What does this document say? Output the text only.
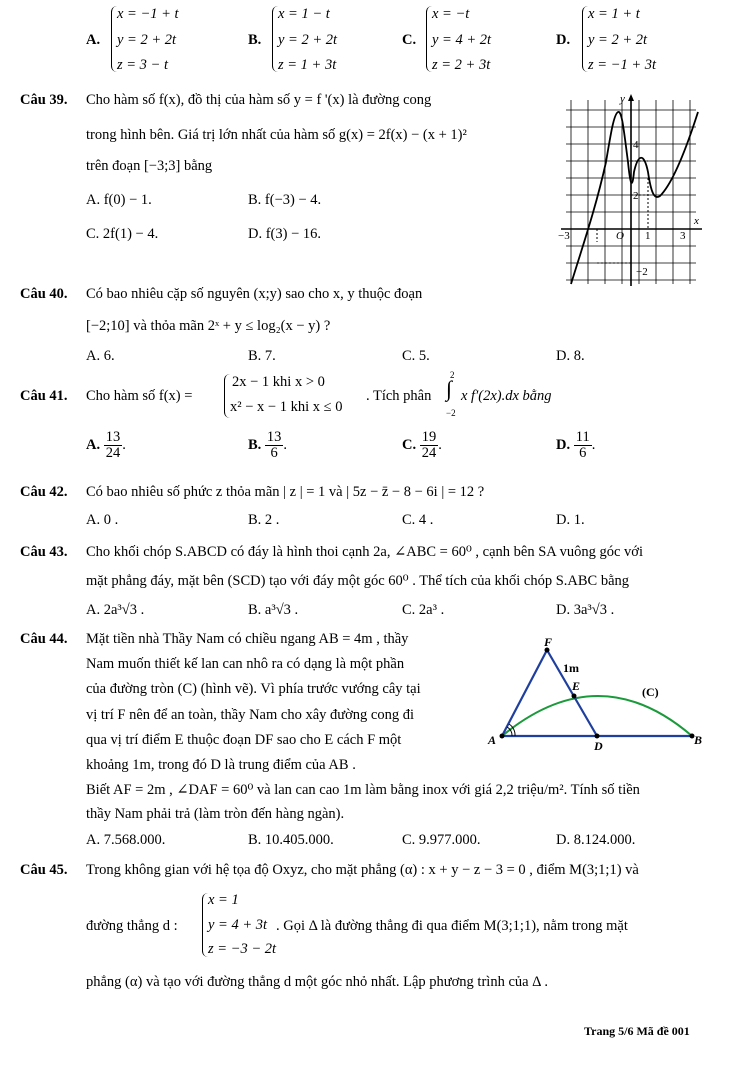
A.
x = −1 + t
y = 2 + 2t
z = 3 − t
B.
x = 1 − t
y = 2 + 2t
z = 1 + 3t
C.
x = −t
y = 4 + 2t
z = 2 + 3t
D.
x = 1 + t
y = 2 + 2t
z = −1 + 3t
Câu 39. Cho hàm số f(x), đồ thị của hàm số y = f '(x) là đường cong
trong hình bên. Giá trị lớn nhất của hàm số g(x) = 2f(x) − (x + 1)²
trên đoạn [−3;3] bằng
A. f(0) − 1.	B. f(−3) − 4.
C. 2f(1) − 4.	D. f(3) − 16.
y
x
O
−3	1	3
4
2
−2
Câu 40. Có bao nhiêu cặp số nguyên (x;y) sao cho x, y thuộc đoạn
[−2;10] và thỏa mãn 2ˣ + y ≤ log₂(x − y) ?
A. 6.	B. 7.	C. 5.	D. 8.
Câu 41. Cho hàm số f(x) =
2x − 1 khi x > 0
x² − x − 1 khi x ≤ 0
. Tích phân ∫
2
−2
x f′(2x).dx bằng
A. $\frac{13}{24}$ .	B. $\frac{13}{6}$ .	C. $\frac{19}{24}$ .	D. $\frac{11}{6}$ .
Câu 42. Có bao nhiêu số phức z thỏa mãn | z | = 1 và | 5z − z̄ − 8 − 6i | = 12 ?
A. 0 .	B. 2 .	C. 4 .	D. 1.
Câu 43. Cho khối chóp S.ABCD có đáy là hình thoi cạnh 2a, ∠ABC = 60⁰ , cạnh bên SA vuông góc với
mặt phẳng đáy, mặt bên (SCD) tạo với đáy một góc 60⁰ . Thể tích của khối chóp S.ABC bằng
A. 2a³√3 .	B. a³√3 .	C. 2a³ .	D. 3a³√3 .
Câu 44. Mặt tiền nhà Thầy Nam có chiều ngang AB = 4m , thầy
Nam muốn thiết kế lan can nhô ra có dạng là một phần
của đường tròn (C) (hình vẽ). Vì phía trước vướng cây tại
vị trí F nên để an toàn, thầy Nam cho xây đường cong đi
qua vị trí điểm E thuộc đoạn DF sao cho E cách F một
khoảng 1m, trong đó D là trung điểm của AB .
Biết AF = 2m , ∠DAF = 60⁰ và lan can cao 1m làm bằng inox với giá 2,2 triệu/m². Tính số tiền
thầy Nam phải trả (làm tròn đến hàng ngàn).
A. 7.568.000.	B. 10.405.000.	C. 9.977.000.	D. 8.124.000.
F
1m
E
A	D	B
(C)
Câu 45. Trong không gian với hệ tọa độ Oxyz, cho mặt phẳng (α) : x + y − z − 3 = 0 , điểm M(3;1;1) và
đường thẳng d :
x = 1
y = 4 + 3t
z = −3 − 2t
. Gọi Δ là đường thẳng đi qua điểm M(3;1;1), nằm trong mặt
phẳng (α) và tạo với đường thẳng d một góc nhỏ nhất. Lập phương trình của Δ .
Trang 5/6 Mã đề 001
